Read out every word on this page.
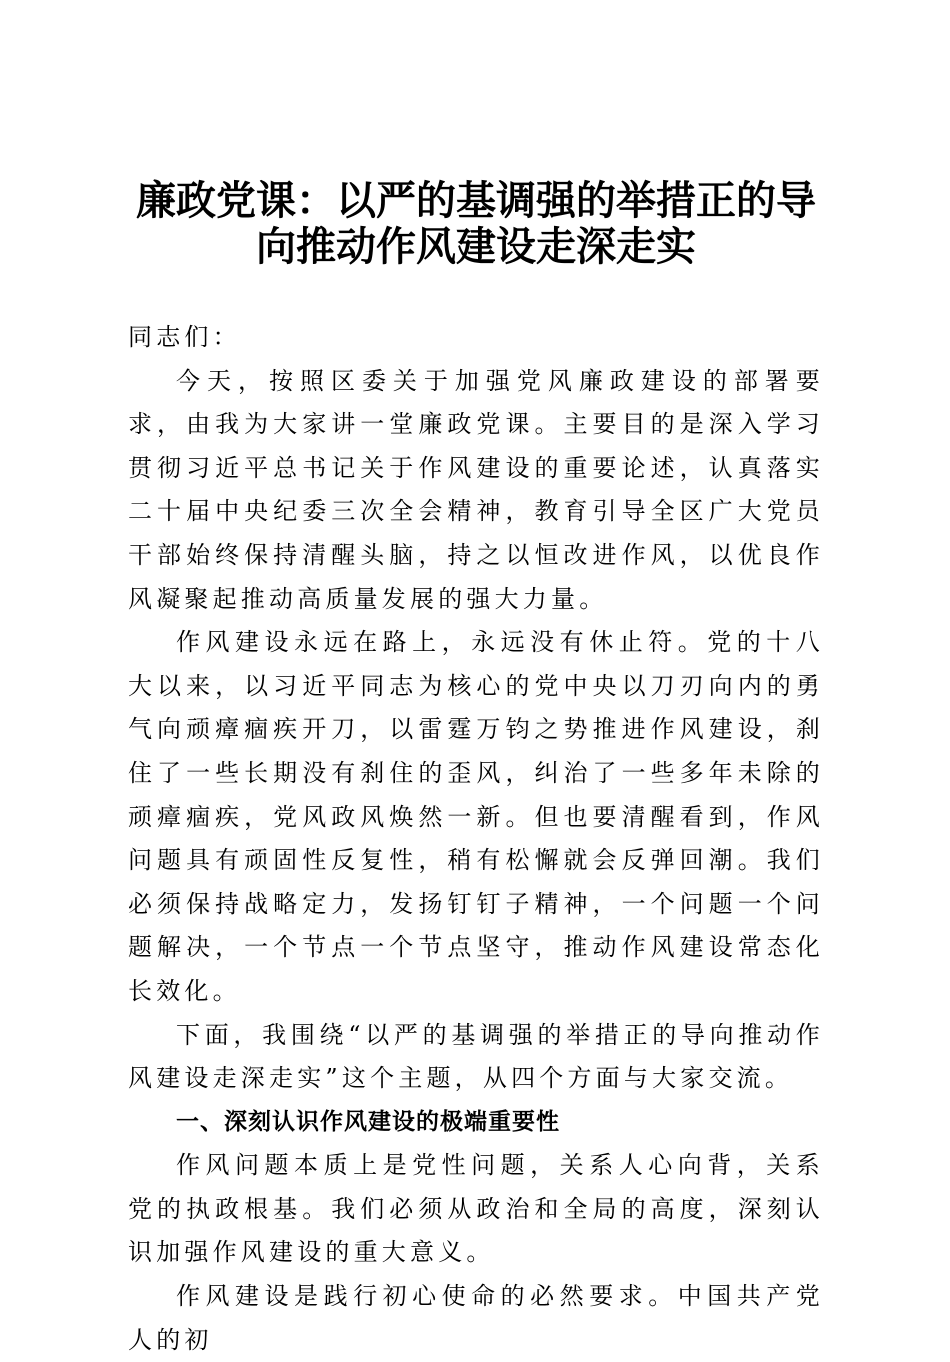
廉政党课：以严的基调强的举措正的导
向推动作风建设走深走实

同志们：

今天，按照区委关于加强党风廉政建设的部署要求，由我为大家讲一堂廉政党课。主要目的是深入学习贯彻习近平总书记关于作风建设的重要论述，认真落实二十届中央纪委三次全会精神，教育引导全区广大党员干部始终保持清醒头脑，持之以恒改进作风，以优良作风凝聚起推动高质量发展的强大力量。

作风建设永远在路上，永远没有休止符。党的十八大以来，以习近平同志为核心的党中央以刀刃向内的勇气向顽瘴痼疾开刀，以雷霆万钧之势推进作风建设，刹住了一些长期没有刹住的歪风，纠治了一些多年未除的顽瘴痼疾，党风政风焕然一新。但也要清醒看到，作风问题具有顽固性反复性，稍有松懈就会反弹回潮。我们必须保持战略定力，发扬钉钉子精神，一个问题一个问题解决，一个节点一个节点坚守，推动作风建设常态化长效化。

下面，我围绕“以严的基调强的举措正的导向推动作风建设走深走实”这个主题，从四个方面与大家交流。

一、深刻认识作风建设的极端重要性

作风问题本质上是党性问题，关系人心向背，关系党的执政根基。我们必须从政治和全局的高度，深刻认识加强作风建设的重大意义。

作风建设是践行初心使命的必然要求。中国共产党人的初
